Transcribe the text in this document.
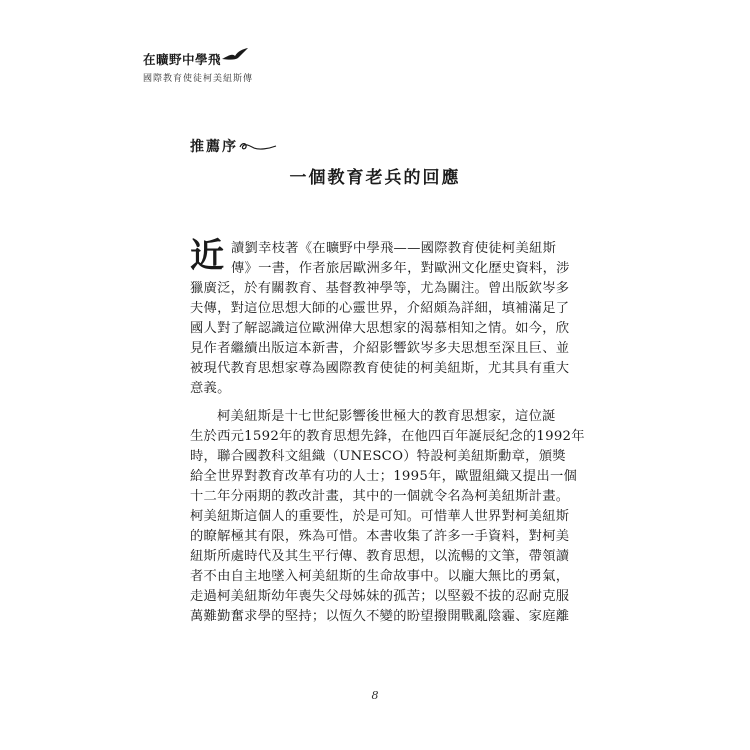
在曠野中學飛
國際教育使徒柯美紐斯傳
推薦序
一個教育老兵的回應
近 讀劉幸枝著《在曠野中學飛——國際教育使徒柯美紐斯
傳》一書，作者旅居歐洲多年，對歐洲文化歷史資料，涉
獵廣泛，於有關教育、基督教神學等，尤為關注。曾出版欽岑多
夫傳，對這位思想大師的心靈世界，介紹頗為詳細，填補滿足了
國人對了解認識這位歐洲偉大思想家的渴慕相知之情。如今，欣
見作者繼續出版這本新書，介紹影響欽岑多夫思想至深且巨、並
被現代教育思想家尊為國際教育使徒的柯美紐斯，尤其具有重大
意義。
柯美紐斯是十七世紀影響後世極大的教育思想家，這位誕
生於西元1592年的教育思想先鋒，在他四百年誕辰紀念的1992年
時，聯合國教科文組織（UNESCO）特設柯美紐斯勳章，頒獎
給全世界對教育改革有功的人士；1995年，歐盟組織又提出一個
十二年分兩期的教改計畫，其中的一個就令名為柯美紐斯計畫。
柯美紐斯這個人的重要性，於是可知。可惜華人世界對柯美紐斯
的瞭解極其有限，殊為可惜。本書收集了許多一手資料，對柯美
紐斯所處時代及其生平行傳、教育思想，以流暢的文筆，帶領讀
者不由自主地墜入柯美紐斯的生命故事中。以龐大無比的勇氣，
走過柯美紐斯幼年喪失父母姊妹的孤苦；以堅毅不拔的忍耐克服
萬難勤奮求學的堅持；以恆久不變的盼望撥開戰亂陰霾、家庭離
8
